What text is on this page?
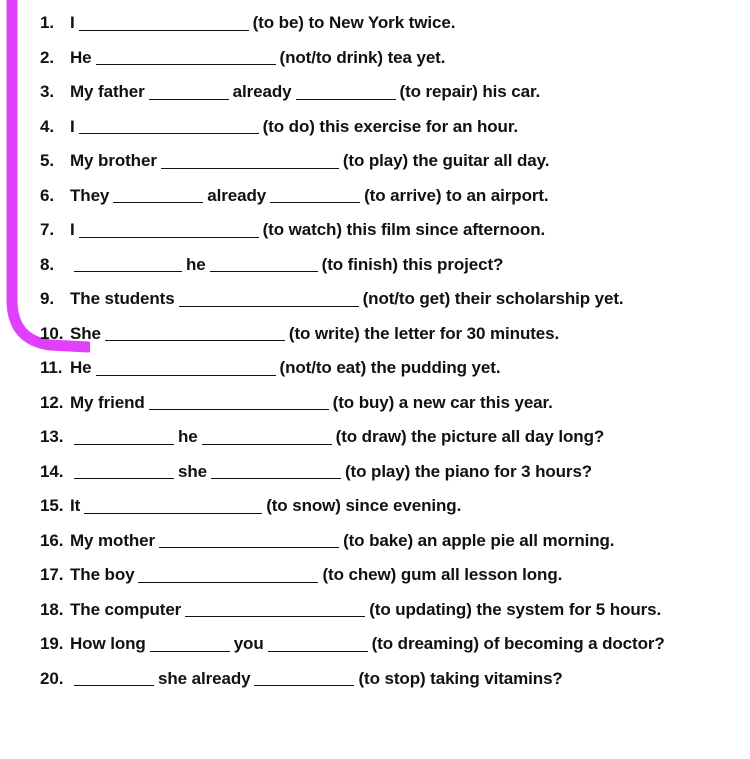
1. I	(to be) to New York twice.
2. He	(not/to drink) tea yet.
3. My father	already	(to repair) his car.
4. I	(to do) this exercise for an hour.
5. My brother	(to play) the guitar all day.
6. They	already	(to arrive) to an airport.
7. I	(to watch) this film since afternoon.
8.	he	(to finish) this project?
9. The students	(not/to get) their scholarship yet.
10. She	(to write) the letter for 30 minutes.
11. He	(not/to eat) the pudding yet.
12. My friend	(to buy) a new car this year.
13.	he	(to draw) the picture all day long?
14.	she	(to play) the piano for 3 hours?
15. It	(to snow) since evening.
16. My mother	(to bake) an apple pie all morning.
17. The boy	(to chew) gum all lesson long.
18. The computer	(to updating) the system for 5 hours.
19. How long	you	(to dreaming) of becoming a doctor?
20.	she already	(to stop) taking vitamins?
